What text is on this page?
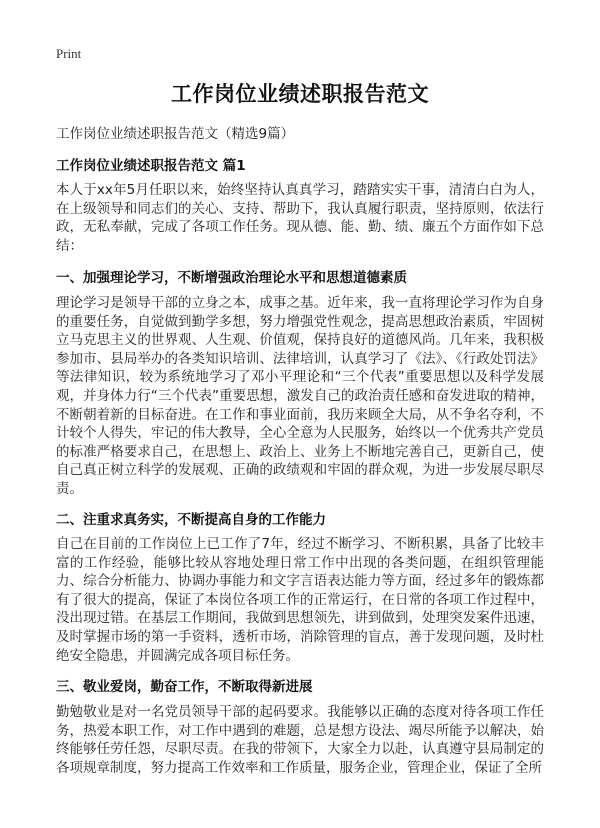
Print
工作岗位业绩述职报告范文
工作岗位业绩述职报告范文（精选9篇）
工作岗位业绩述职报告范文 篇1

本人于xx年5月任职以来，始终坚持认真真学习，踏踏实实干事，清清白白为人，在上级领导和同志们的关心、支持、帮助下，我认真履行职责，坚持原则，依法行政，无私奉献，完成了各项工作任务。现从德、能、勤、绩、廉五个方面作如下总结：

一、加强理论学习，不断增强政治理论水平和思想道德素质

理论学习是领导干部的立身之本，成事之基。近年来，我一直将理论学习作为自身的重要任务，自觉做到勤学多想，努力增强党性观念，提高思想政治素质，牢固树立马克思主义的世界观、人生观、价值观，保持良好的道德风尚。几年来，我积极参加市、县局举办的各类知识培训、法律培训，认真学习了《法》、《行政处罚法》等法律知识，较为系统地学习了邓小平理论和“三个代表”重要思想以及科学发展观，并身体力行“三个代表”重要思想，激发自己的政治责任感和奋发进取的精神，不断朝着新的目标奋进。在工作和事业面前，我历来顾全大局，从不争名夺利，不计较个人得失，牢记的伟大教导，全心全意为人民服务，始终以一个优秀共产党员的标准严格要求自己，在思想上、政治上、业务上不断地完善自己，更新自己，使自己真正树立科学的发展观、正确的政绩观和牢固的群众观，为进一步发展尽职尽责。

二、注重求真务实，不断提高自身的工作能力

自己在目前的工作岗位上已工作了7年，经过不断学习、不断积累，具备了比较丰富的工作经验，能够比较从容地处理日常工作中出现的各类问题，在组织管理能力、综合分析能力、协调办事能力和文字言语表达能力等方面，经过多年的锻炼都有了很大的提高，保证了本岗位各项工作的正常运行，在日常的各项工作过程中，没出现过错。在基层工作期间，我做到思想领先，讲到做到，处理突发案件迅速，及时掌握市场的第一手资料，透析市场，消除管理的盲点，善于发现问题，及时杜绝安全隐患，并圆满完成各项目标任务。

三、敬业爱岗，勤奋工作，不断取得新进展

勤勉敬业是对一名党员领导干部的起码要求。我能够以正确的态度对待各项工作任务，热爱本职工作，对工作中遇到的难题，总是想方设法、竭尽所能予以解决，始终能够任劳任怨，尽职尽责。在我的带领下，大家全力以赴，认真遵守县局制定的各项规章制度，努力提高工作效率和工作质量，服务企业，管理企业，保证了全所
